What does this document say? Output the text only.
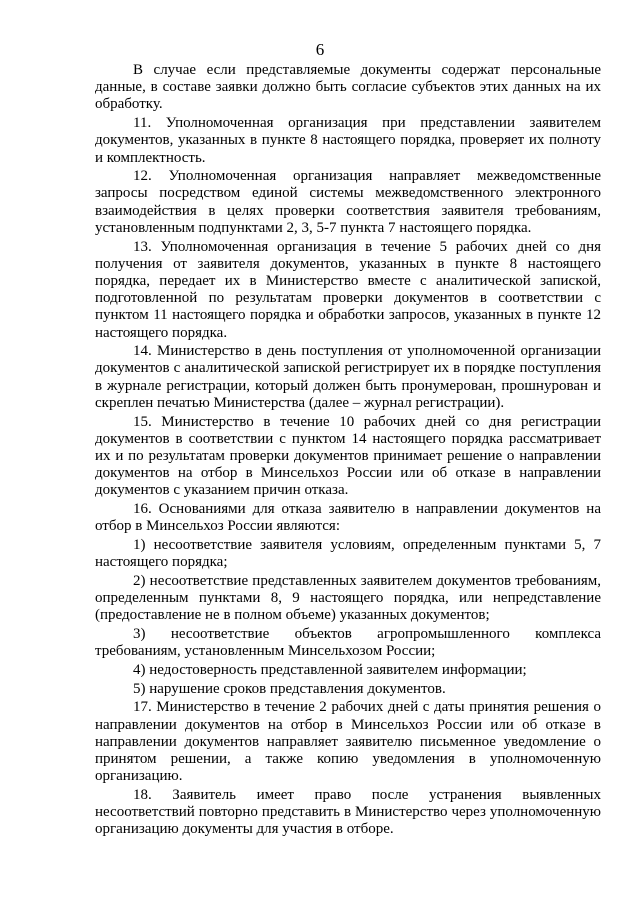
6

В случае если представляемые документы содержат персональные данные, в составе заявки должно быть согласие субъектов этих данных на их обработку.

11. Уполномоченная организация при представлении заявителем документов, указанных в пункте 8 настоящего порядка, проверяет их полноту и комплектность.

12. Уполномоченная организация направляет межведомственные запросы посредством единой системы межведомственного электронного взаимодействия в целях проверки соответствия заявителя требованиям, установленным подпунктами 2, 3, 5-7 пункта 7 настоящего порядка.

13. Уполномоченная организация в течение 5 рабочих дней со дня получения от заявителя документов, указанных в пункте 8 настоящего порядка, передает их в Министерство вместе с аналитической запиской, подготовленной по результатам проверки документов в соответствии с пунктом 11 настоящего порядка и обработки запросов, указанных в пункте 12 настоящего порядка.

14. Министерство в день поступления от уполномоченной организации документов с аналитической запиской регистрирует их в порядке поступления в журнале регистрации, который должен быть пронумерован, прошнурован и скреплен печатью Министерства (далее – журнал регистрации).

15. Министерство в течение 10 рабочих дней со дня регистрации документов в соответствии с пунктом 14 настоящего порядка рассматривает их и по результатам проверки документов принимает решение о направлении документов на отбор в Минсельхоз России или об отказе в направлении документов с указанием причин отказа.

16. Основаниями для отказа заявителю в направлении документов на отбор в Минсельхоз России являются:

1) несоответствие заявителя условиям, определенным пунктами 5, 7 настоящего порядка;

2) несоответствие представленных заявителем документов требованиям, определенным пунктами 8, 9 настоящего порядка, или непредставление (предоставление не в полном объеме) указанных документов;

3) несоответствие объектов агропромышленного комплекса требованиям, установленным Минсельхозом России;

4) недостоверность представленной заявителем информации;

5) нарушение сроков представления документов.

17. Министерство в течение 2 рабочих дней с даты принятия решения о направлении документов на отбор в Минсельхоз России или об отказе в направлении документов направляет заявителю письменное уведомление о принятом решении, а также копию уведомления в уполномоченную организацию.

18. Заявитель имеет право после устранения выявленных несоответствий повторно представить в Министерство через уполномоченную организацию документы для участия в отборе.
